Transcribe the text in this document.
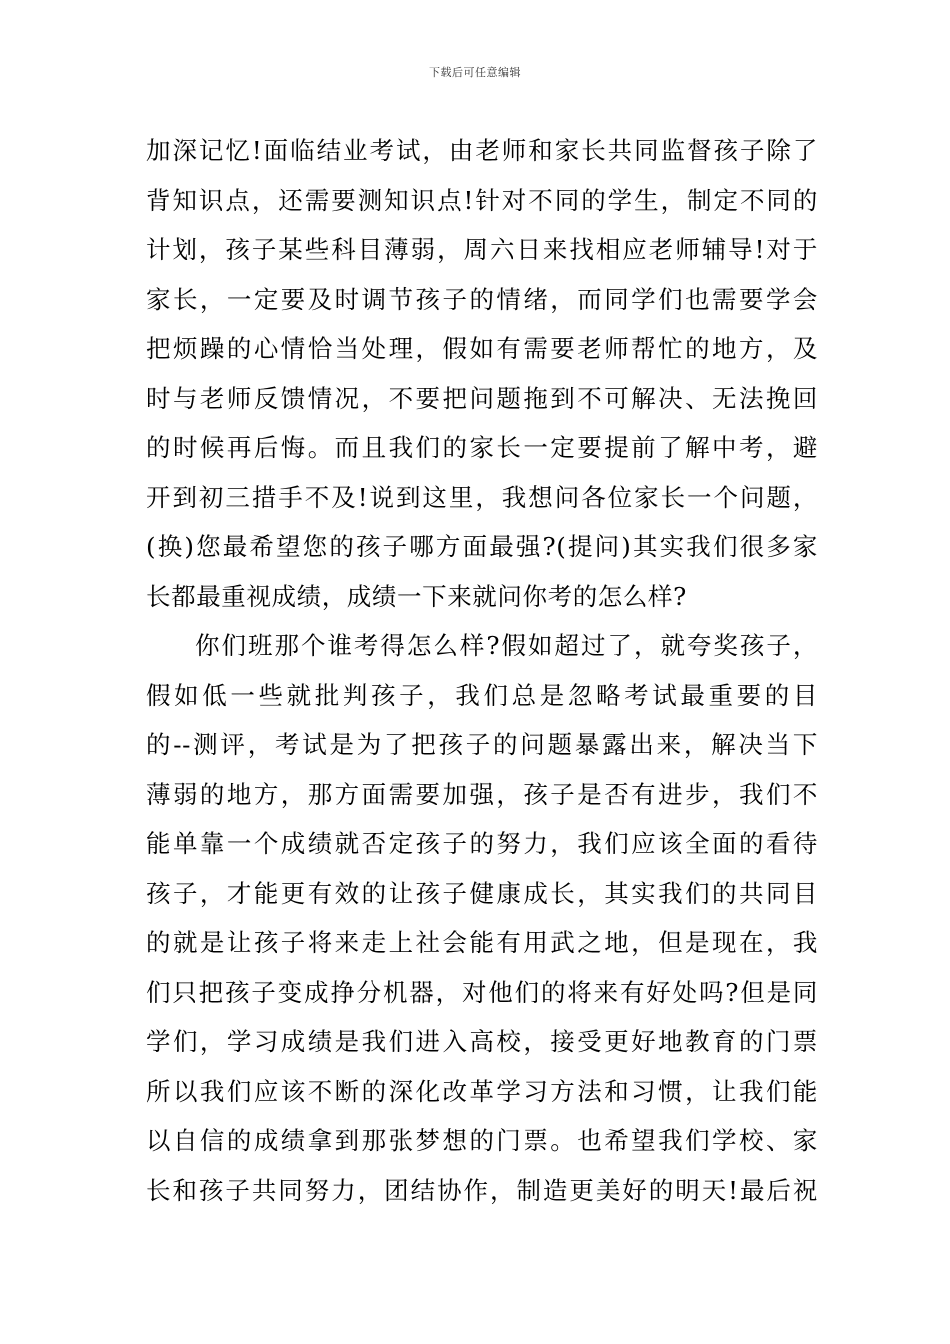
下载后可任意编辑
加深记忆!面临结业考试，由老师和家长共同监督孩子除了
背知识点，还需要测知识点!针对不同的学生，制定不同的
计划，孩子某些科目薄弱，周六日来找相应老师辅导!对于
家长，一定要及时调节孩子的情绪，而同学们也需要学会
把烦躁的心情恰当处理，假如有需要老师帮忙的地方，及
时与老师反馈情况，不要把问题拖到不可解决、无法挽回
的时候再后悔。而且我们的家长一定要提前了解中考，避
开到初三措手不及!说到这里，我想问各位家长一个问题，
(换)您最希望您的孩子哪方面最强?(提问)其实我们很多家
长都最重视成绩，成绩一下来就问你考的怎么样?
你们班那个谁考得怎么样?假如超过了，就夸奖孩子，
假如低一些就批判孩子，我们总是忽略考试最重要的目
的--测评，考试是为了把孩子的问题暴露出来，解决当下
薄弱的地方，那方面需要加强，孩子是否有进步，我们不
能单靠一个成绩就否定孩子的努力，我们应该全面的看待
孩子，才能更有效的让孩子健康成长，其实我们的共同目
的就是让孩子将来走上社会能有用武之地，但是现在，我
们只把孩子变成挣分机器，对他们的将来有好处吗?但是同
学们，学习成绩是我们进入高校，接受更好地教育的门票
所以我们应该不断的深化改革学习方法和习惯，让我们能
以自信的成绩拿到那张梦想的门票。也希望我们学校、家
长和孩子共同努力，团结协作，制造更美好的明天!最后祝
